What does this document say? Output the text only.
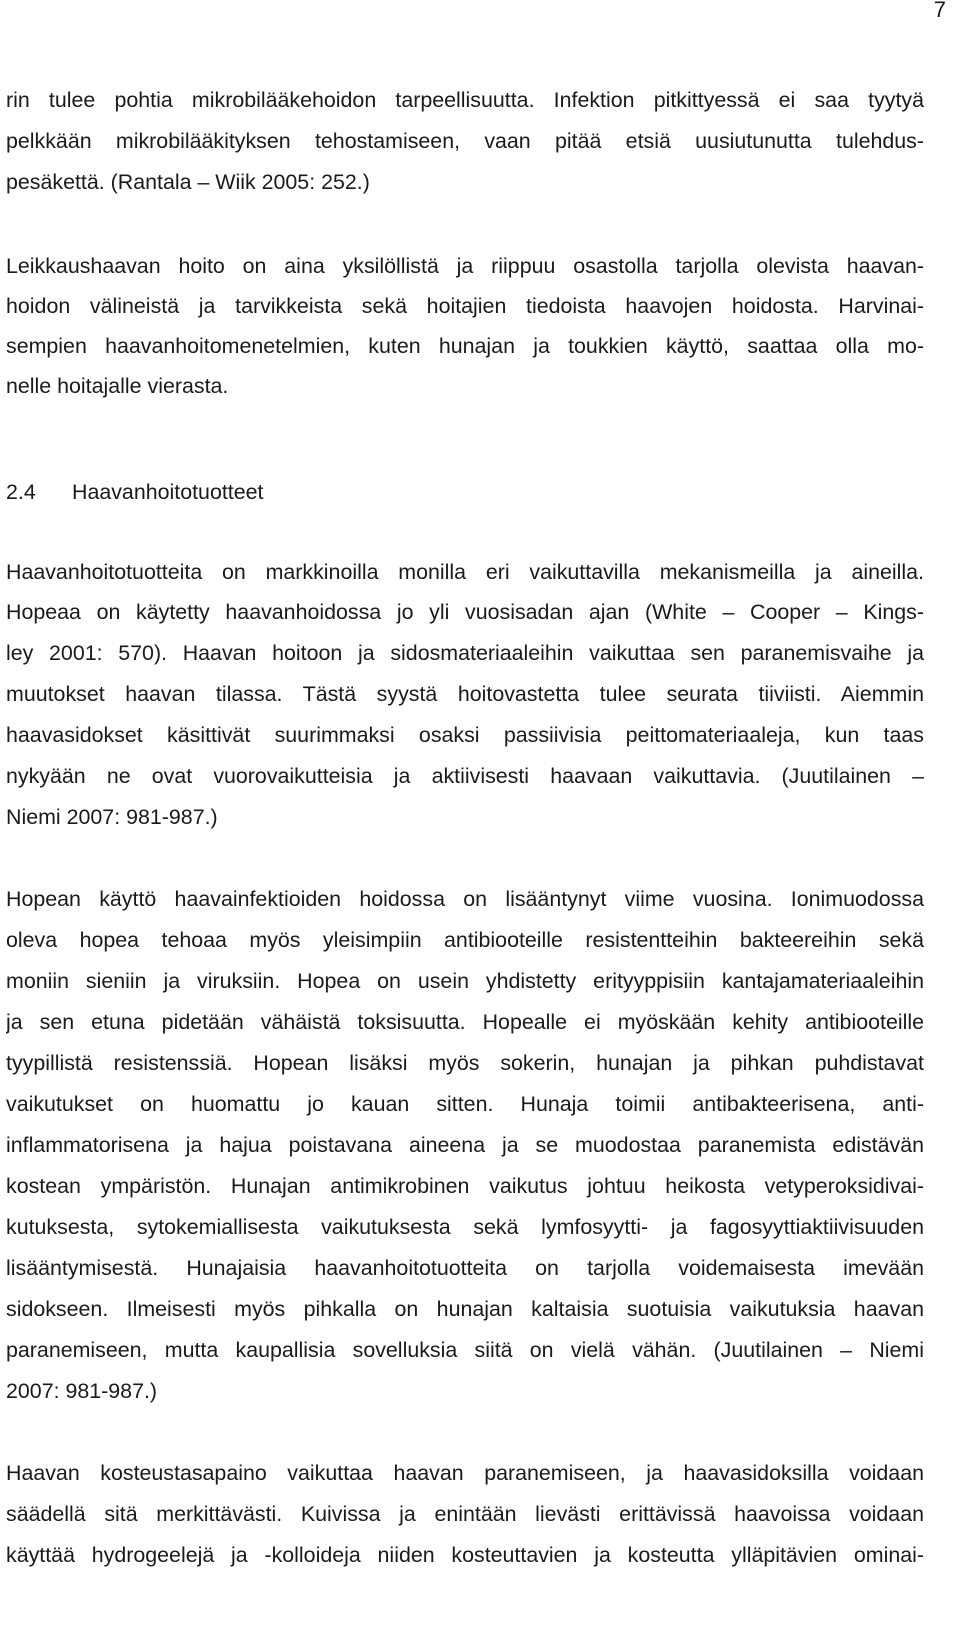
7
rin tulee pohtia mikrobilääkehoidon tarpeellisuutta. Infektion pitkittyessä ei saa tyytyä
pelkkään mikrobilääkityksen tehostamiseen, vaan pitää etsiä uusiutunutta tulehdus-
pesäkettä. (Rantala – Wiik 2005: 252.)
Leikkaushaavan hoito on aina yksilöllistä ja riippuu osastolla tarjolla olevista haavan-
hoidon välineistä ja tarvikkeista sekä hoitajien tiedoista haavojen hoidosta. Harvinai-
sempien haavanhoitomenetelmien, kuten hunajan ja toukkien käyttö, saattaa olla mo-
nelle hoitajalle vierasta.
2.4 Haavanhoitotuotteet
Haavanhoitotuotteita on markkinoilla monilla eri vaikuttavilla mekanismeilla ja aineilla.
Hopeaa on käytetty haavanhoidossa jo yli vuosisadan ajan (White – Cooper – Kings-
ley 2001: 570). Haavan hoitoon ja sidosmateriaaleihin vaikuttaa sen paranemisvaihe ja
muutokset haavan tilassa. Tästä syystä hoitovastetta tulee seurata tiiviisti. Aiemmin
haavasidokset käsittivät suurimmaksi osaksi passiivisia peittomateriaaleja, kun taas
nykyään ne ovat vuorovaikutteisia ja aktiivisesti haavaan vaikuttavia. (Juutilainen –
Niemi 2007: 981-987.)
Hopean käyttö haavainfektioiden hoidossa on lisääntynyt viime vuosina. Ionimuodossa
oleva hopea tehoaa myös yleisimpiin antibiooteille resistentteihin bakteereihin sekä
moniin sieniin ja viruksiin. Hopea on usein yhdistetty erityyppisiin kantajamateriaaleihin
ja sen etuna pidetään vähäistä toksisuutta. Hopealle ei myöskään kehity antibiooteille
tyypillistä resistenssiä. Hopean lisäksi myös sokerin, hunajan ja pihkan puhdistavat
vaikutukset on huomattu jo kauan sitten. Hunaja toimii antibakteerisena, anti-
inflammatorisena ja hajua poistavana aineena ja se muodostaa paranemista edistävän
kostean ympäristön. Hunajan antimikrobinen vaikutus johtuu heikosta vetyperoksidivai-
kutuksesta, sytokemiallisesta vaikutuksesta sekä lymfosyytti- ja fagosyyttiaktiivisuuden
lisääntymisestä. Hunajaisia haavanhoitotuotteita on tarjolla voidemaisesta imevään
sidokseen. Ilmeisesti myös pihkalla on hunajan kaltaisia suotuisia vaikutuksia haavan
paranemiseen, mutta kaupallisia sovelluksia siitä on vielä vähän. (Juutilainen – Niemi
2007: 981-987.)
Haavan kosteustasapaino vaikuttaa haavan paranemiseen, ja haavasidoksilla voidaan
säädellä sitä merkittävästi. Kuivissa ja enintään lievästi erittävissä haavoissa voidaan
käyttää hydrogeelejä ja -kolloideja niiden kosteuttavien ja kosteutta ylläpitävien ominai-
